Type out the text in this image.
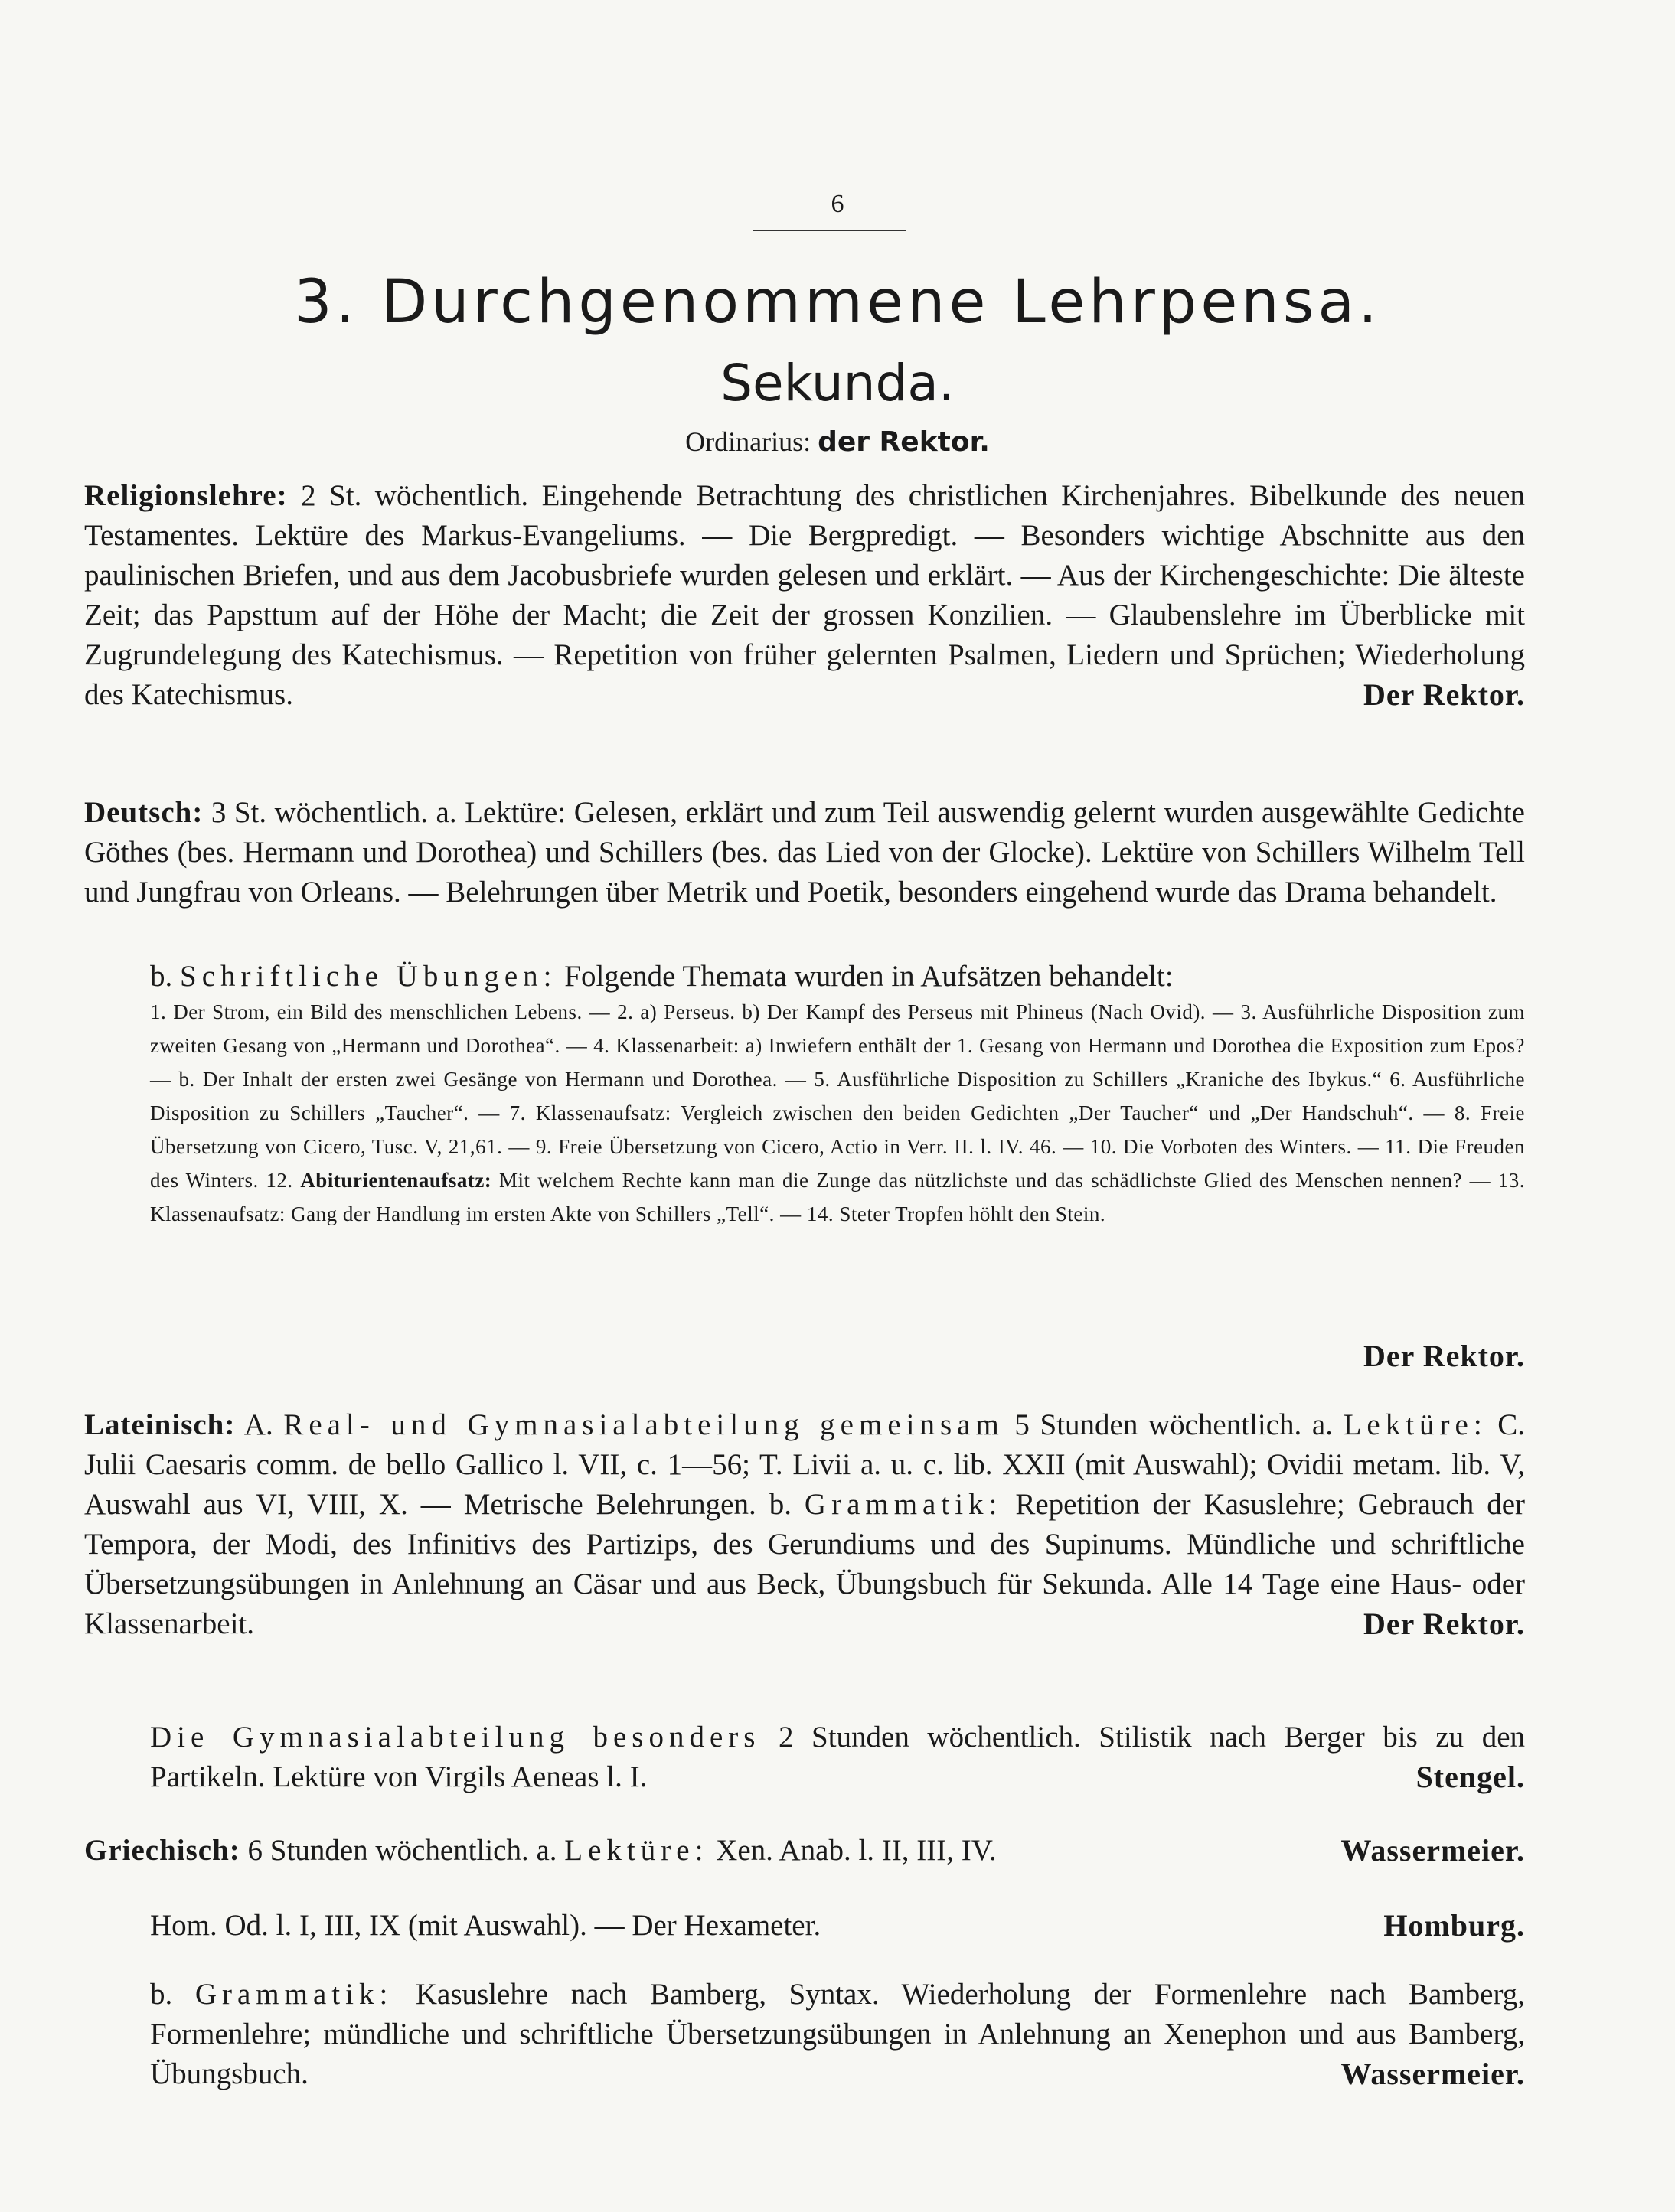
6
3. Durchgenommene Lehrpensa.
Sekunda.
Ordinarius: der Rektor.
Religionslehre: 2 St. wöchentlich. Eingehende Betrachtung des christlichen Kirchenjahres. Bibelkunde des neuen Testamentes. Lektüre des Markus-Evangeliums. — Die Bergpredigt. — Besonders wichtige Abschnitte aus den paulinischen Briefen, und aus dem Jacobusbriefe wurden gelesen und erklärt. — Aus der Kirchengeschichte: Die älteste Zeit; das Papsttum auf der Höhe der Macht; die Zeit der grossen Konzilien. — Glaubenslehre im Überblicke mit Zugrundelegung des Katechismus. — Repetition von früher gelernten Psalmen, Liedern und Sprüchen; Wiederholung des Katechismus.	Der Rektor.
Deutsch: 3 St. wöchentlich. a. Lektüre: Gelesen, erklärt und zum Teil auswendig gelernt wurden ausgewählte Gedichte Göthes (bes. Hermann und Dorothea) und Schillers (bes. das Lied von der Glocke). Lektüre von Schillers Wilhelm Tell und Jungfrau von Orleans. — Belehrungen über Metrik und Poetik, besonders eingehend wurde das Drama behandelt.
b. Schriftliche Übungen: Folgende Themata wurden in Aufsätzen behandelt:
1. Der Strom, ein Bild des menschlichen Lebens. — 2. a) Perseus. b) Der Kampf des Perseus mit Phineus (Nach Ovid). — 3. Ausführliche Disposition zum zweiten Gesang von „Hermann und Dorothea“. — 4. Klassenarbeit: a) Inwiefern enthält der 1. Gesang von Hermann und Dorothea die Exposition zum Epos? — b. Der Inhalt der ersten zwei Gesänge von Hermann und Dorothea. — 5. Ausführliche Disposition zu Schillers „Kraniche des Ibykus.“ 6. Ausführliche Disposition zu Schillers „Taucher“. — 7. Klassenaufsatz: Vergleich zwischen den beiden Gedichten „Der Taucher“ und „Der Handschuh“. — 8. Freie Übersetzung von Cicero, Tusc. V, 21,61. — 9. Freie Übersetzung von Cicero, Actio in Verr. II. l. IV. 46. — 10. Die Vorboten des Winters. — 11. Die Freuden des Winters. 12. Abiturientenaufsatz: Mit welchem Rechte kann man die Zunge das nützlichste und das schädlichste Glied des Menschen nennen? — 13. Klassenaufsatz: Gang der Handlung im ersten Akte von Schillers „Tell“. — 14. Steter Tropfen höhlt den Stein.
Der Rektor.
Lateinisch: A. Real- und Gymnasialabteilung gemeinsam 5 Stunden wöchentlich. a. Lektüre: C. Julii Caesaris comm. de bello Gallico l. VII, c. 1—56; T. Livii a. u. c. lib. XXII (mit Auswahl); Ovidii metam. lib. V, Auswahl aus VI, VIII, X. — Metrische Belehrungen. b. Grammatik: Repetition der Kasuslehre; Gebrauch der Tempora, der Modi, des Infinitivs des Partizips, des Gerundiums und des Supinums. Mündliche und schriftliche Übersetzungsübungen in Anlehnung an Cäsar und aus Beck, Übungsbuch für Sekunda. Alle 14 Tage eine Haus- oder Klassenarbeit.	Der Rektor.
Die Gymnasialabteilung besonders 2 Stunden wöchentlich. Stilistik nach Berger bis zu den Partikeln. Lektüre von Virgils Aeneas l. I.	Stengel.
Griechisch: 6 Stunden wöchentlich. a. Lektüre: Xen. Anab. l. II, III, IV.	Wassermeier.
Hom. Od. l. I, III, IX (mit Auswahl). — Der Hexameter.	Homburg.
b. Grammatik: Kasuslehre nach Bamberg, Syntax. Wiederholung der Formenlehre nach Bamberg, Formenlehre; mündliche und schriftliche Übersetzungsübungen in Anlehnung an Xenephon und aus Bamberg, Übungsbuch.	Wassermeier.
